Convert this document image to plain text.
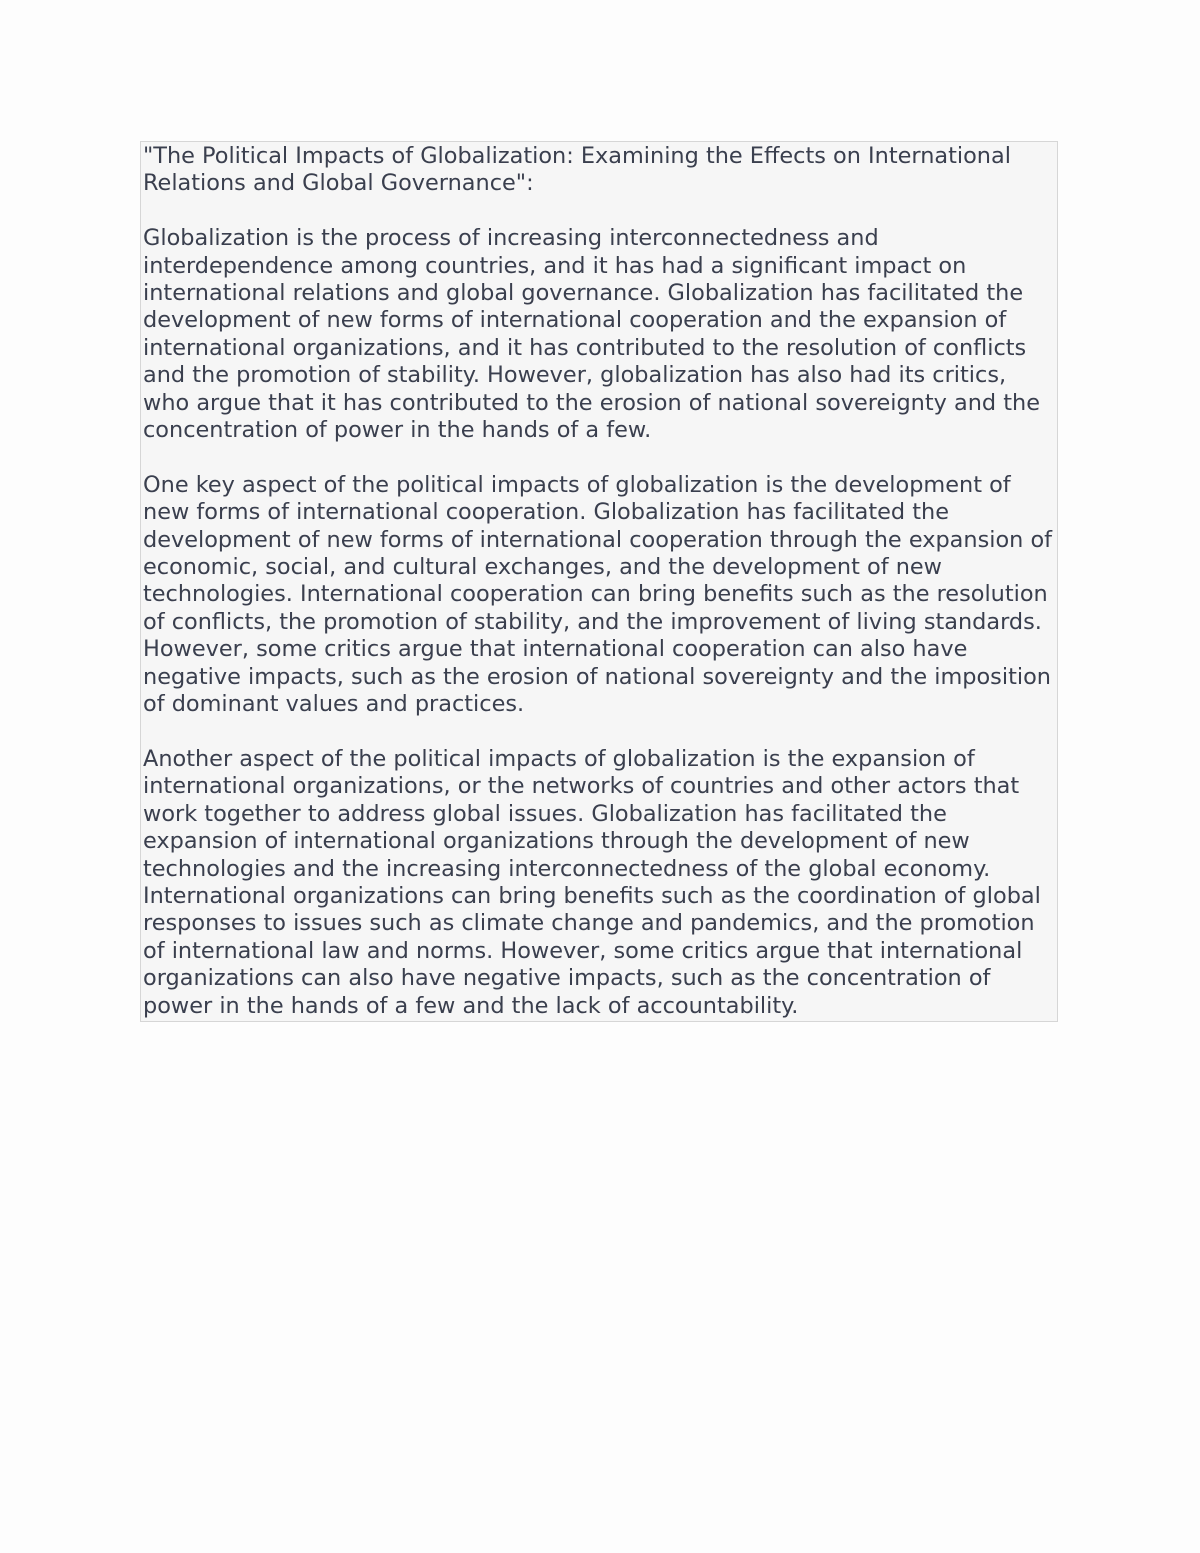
"The Political Impacts of Globalization: Examining the Effects on International Relations and Global Governance":

Globalization is the process of increasing interconnectedness and interdependence among countries, and it has had a significant impact on international relations and global governance. Globalization has facilitated the development of new forms of international cooperation and the expansion of international organizations, and it has contributed to the resolution of conflicts and the promotion of stability. However, globalization has also had its critics, who argue that it has contributed to the erosion of national sovereignty and the concentration of power in the hands of a few.

One key aspect of the political impacts of globalization is the development of new forms of international cooperation. Globalization has facilitated the development of new forms of international cooperation through the expansion of economic, social, and cultural exchanges, and the development of new technologies. International cooperation can bring benefits such as the resolution of conflicts, the promotion of stability, and the improvement of living standards. However, some critics argue that international cooperation can also have negative impacts, such as the erosion of national sovereignty and the imposition of dominant values and practices.

Another aspect of the political impacts of globalization is the expansion of international organizations, or the networks of countries and other actors that work together to address global issues. Globalization has facilitated the expansion of international organizations through the development of new technologies and the increasing interconnectedness of the global economy. International organizations can bring benefits such as the coordination of global responses to issues such as climate change and pandemics, and the promotion of international law and norms. However, some critics argue that international organizations can also have negative impacts, such as the concentration of power in the hands of a few and the lack of accountability.
